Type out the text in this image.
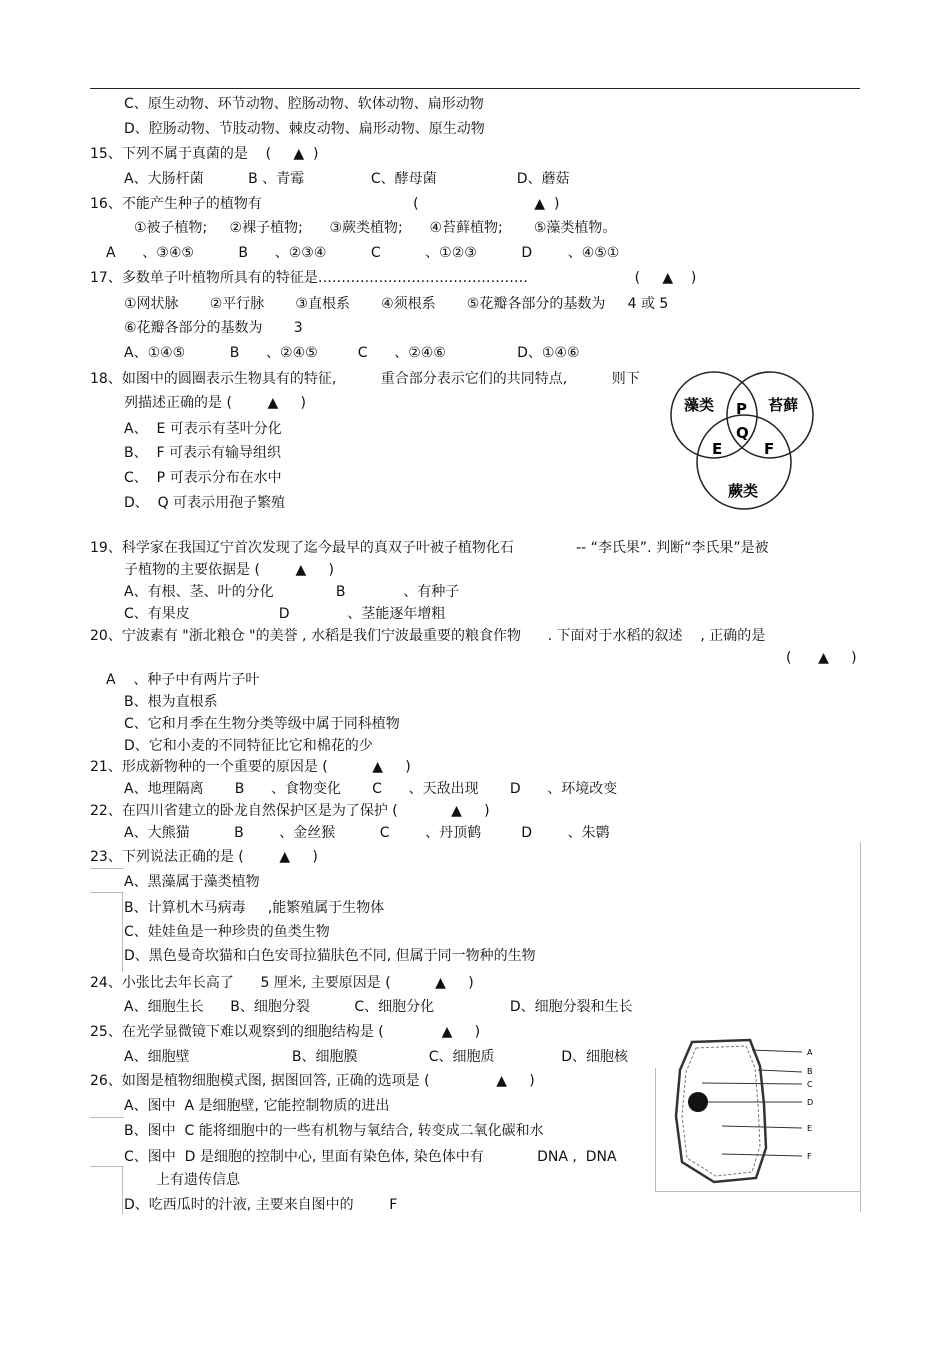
C、原生动物、环节动物、腔肠动物、软体动物、扁形动物
D、腔肠动物、节肢动物、棘皮动物、扁形动物、原生动物
15、下列不属于真菌的是    (     ▲  )
A、大肠杆菌          B 、青霉               C、酵母菌                  D、蘑菇
16、不能产生种子的植物有                                  (                          ▲  )
①被子植物;     ②裸子植物;      ③蕨类植物;      ④苔藓植物;       ⑤藻类植物。
A      、③④⑤          B      、②③④          C          、①②③          D        、④⑤①
17、多数单子叶植物所具有的特征是………………………………………                        (     ▲    )
①网状脉       ②平行脉       ③直根系       ④须根系       ⑤花瓣各部分的基数为     4 或 5
⑥花瓣各部分的基数为       3
A、①④⑤          B      、②④⑤         C      、②④⑥                D、①④⑥
18、如图中的圆圈表示生物具有的特征,          重合部分表示它们的共同特点,          则下
列描述正确的是 (        ▲     )
A、  E 可表示有茎叶分化
B、  F 可表示有输导组织
C、  P 可表示分布在水中
D、  Q 可表示用孢子繁殖
19、科学家在我国辽宁首次发现了迄今最早的真双子叶被子植物化石              -- “李氏果”. 判断“李氏果”是被
子植物的主要依据是 (        ▲     )
A、有根、茎、叶的分化              B             、有种子
C、有果皮                    D             、茎能逐年增粗
20、宁波素有 "浙北粮仓 "的美誉 , 水稻是我们宁波最重要的粮食作物      . 下面对于水稻的叙述    , 正确的是
(      ▲     )
A    、种子中有两片子叶
B、根为直根系
C、它和月季在生物分类等级中属于同科植物
D、它和小麦的不同特征比它和棉花的少
21、形成新物种的一个重要的原因是 (          ▲     )
A、地理隔离       B      、食物变化       C      、天敌出现       D      、环境改变
22、在四川省建立的卧龙自然保护区是为了保护 (            ▲     )
A、大熊猫          B        、金丝猴          C        、丹顶鹤         D        、朱鹮
23、下列说法正确的是 (        ▲     )
A、黑藻属于藻类植物
B、计算机木马病毒     ,能繁殖属于生物体
C、娃娃鱼是一种珍贵的鱼类生物
D、黑色曼奇坎猫和白色安哥拉猫肤色不同, 但属于同一物种的生物
24、小张比去年长高了      5 厘米, 主要原因是 (          ▲     )
A、细胞生长      B、细胞分裂          C、细胞分化                 D、细胞分裂和生长
25、在光学显微镜下难以观察到的细胞结构是 (             ▲     )
A、细胞壁                       B、细胞膜                C、细胞质               D、细胞核
26、如图是植物细胞模式图, 据图回答, 正确的选项是 (               ▲     )
A、图中  A 是细胞壁, 它能控制物质的进出
B、图中  C 能将细胞中的一些有机物与氧结合, 转变成二氧化碳和水
C、图中  D 是细胞的控制中心, 里面有染色体, 染色体中有            DNA ,  DNA
上有遗传信息
D、吃西瓜时的汁液, 主要来自图中的        F
藻类	苔藓
蕨类
P
Q
E	F
A
B
C
D
E
F
